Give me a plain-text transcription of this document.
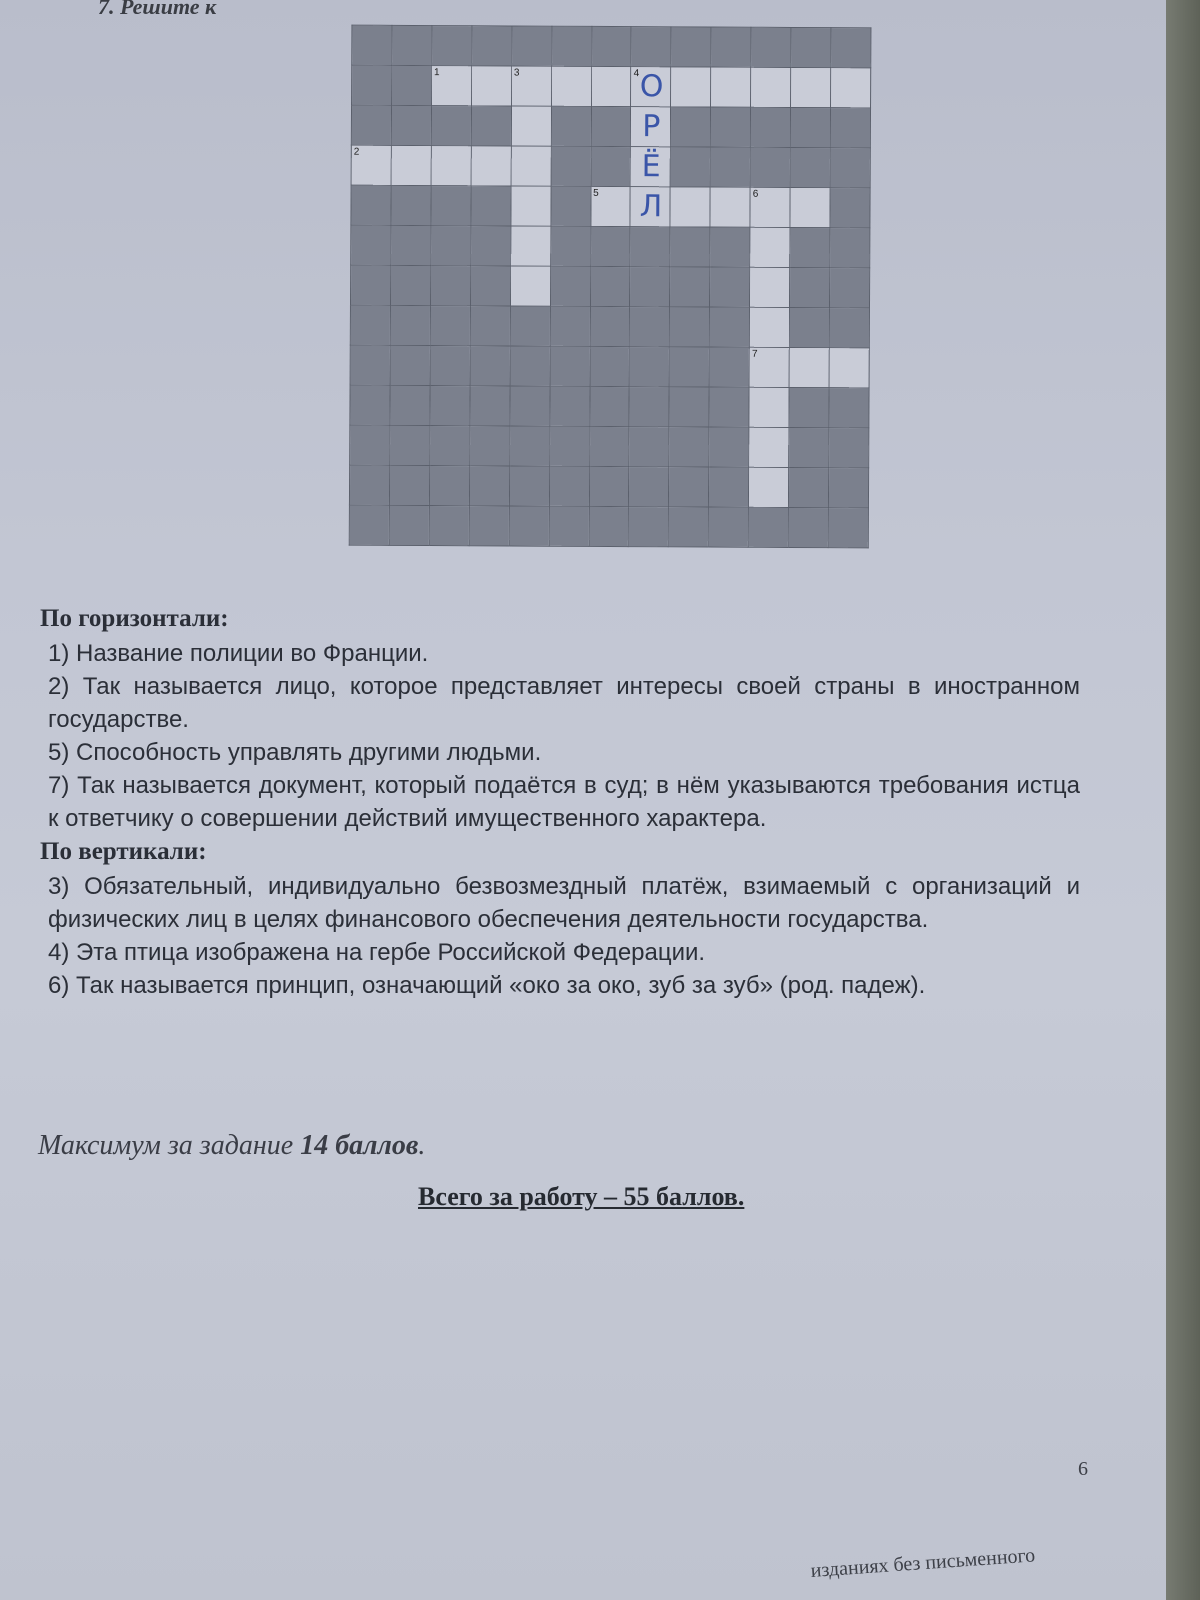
7. Решите к

		1		3			4 О					

							Р					

2							Ё					

						5	Л			6		

										7		

По горизонтали:

1) Название полиции во Франции.

2) Так называется лицо, которое представляет интересы своей страны в иностранном государстве.

5) Способность управлять другими людьми.

7) Так называется документ, который подаётся в суд; в нём указываются требования истца к ответчику о совершении действий имущественного характера.

По вертикали:

3) Обязательный, индивидуально безвозмездный платёж, взимаемый с организаций и физических лиц в целях финансового обеспечения деятельности государства.

4) Эта птица изображена на гербе Российской Федерации.

6) Так называется принцип, означающий «око за око, зуб за зуб» (род. падеж).

Максимум за задание 14 баллов.
Всего за работу – 55 баллов.
6
изданиях без письменного
